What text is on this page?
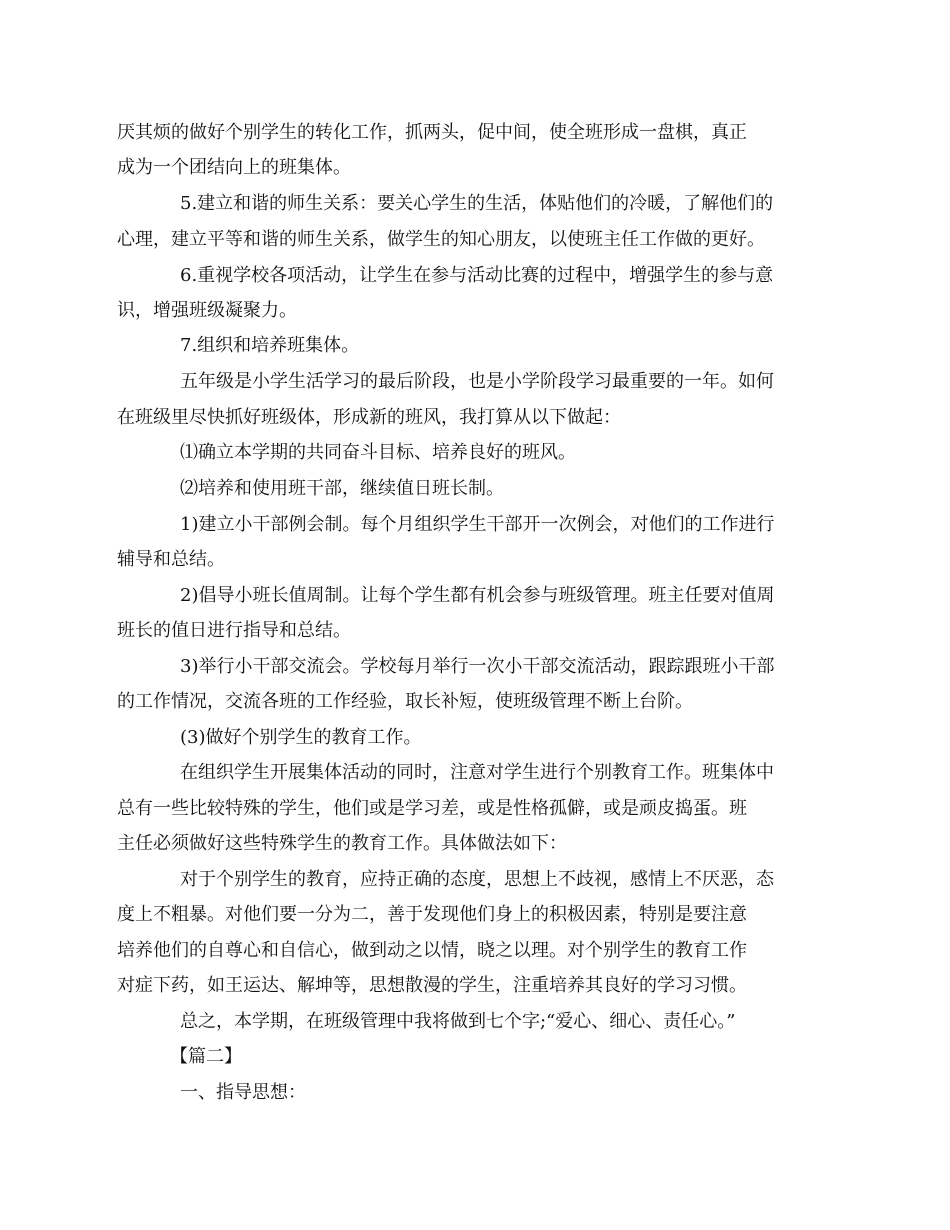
厌其烦的做好个别学生的转化工作，抓两头，促中间，使全班形成一盘棋，真正
成为一个团结向上的班集体。
5.建立和谐的师生关系：要关心学生的生活，体贴他们的冷暖，了解他们的
心理，建立平等和谐的师生关系，做学生的知心朋友，以使班主任工作做的更好。
6.重视学校各项活动，让学生在参与活动比赛的过程中，增强学生的参与意
识，增强班级凝聚力。
7.组织和培养班集体。
五年级是小学生活学习的最后阶段，也是小学阶段学习最重要的一年。如何
在班级里尽快抓好班级体，形成新的班风，我打算从以下做起：
⑴确立本学期的共同奋斗目标、培养良好的班风。
⑵培养和使用班干部，继续值日班长制。
1)建立小干部例会制。每个月组织学生干部开一次例会，对他们的工作进行
辅导和总结。
2)倡导小班长值周制。让每个学生都有机会参与班级管理。班主任要对值周
班长的值日进行指导和总结。
3)举行小干部交流会。学校每月举行一次小干部交流活动，跟踪跟班小干部
的工作情况，交流各班的工作经验，取长补短，使班级管理不断上台阶。
(3)做好个别学生的教育工作。
在组织学生开展集体活动的同时，注意对学生进行个别教育工作。班集体中
总有一些比较特殊的学生，他们或是学习差，或是性格孤僻，或是顽皮捣蛋。班
主任必须做好这些特殊学生的教育工作。具体做法如下：
对于个别学生的教育，应持正确的态度，思想上不歧视，感情上不厌恶，态
度上不粗暴。对他们要一分为二，善于发现他们身上的积极因素，特别是要注意
培养他们的自尊心和自信心，做到动之以情，晓之以理。对个别学生的教育工作
对症下药，如王运达、解坤等，思想散漫的学生，注重培养其良好的学习习惯。
总之，本学期，在班级管理中我将做到七个字;“爱心、细心、责任心。”
【篇二】
一、指导思想：
